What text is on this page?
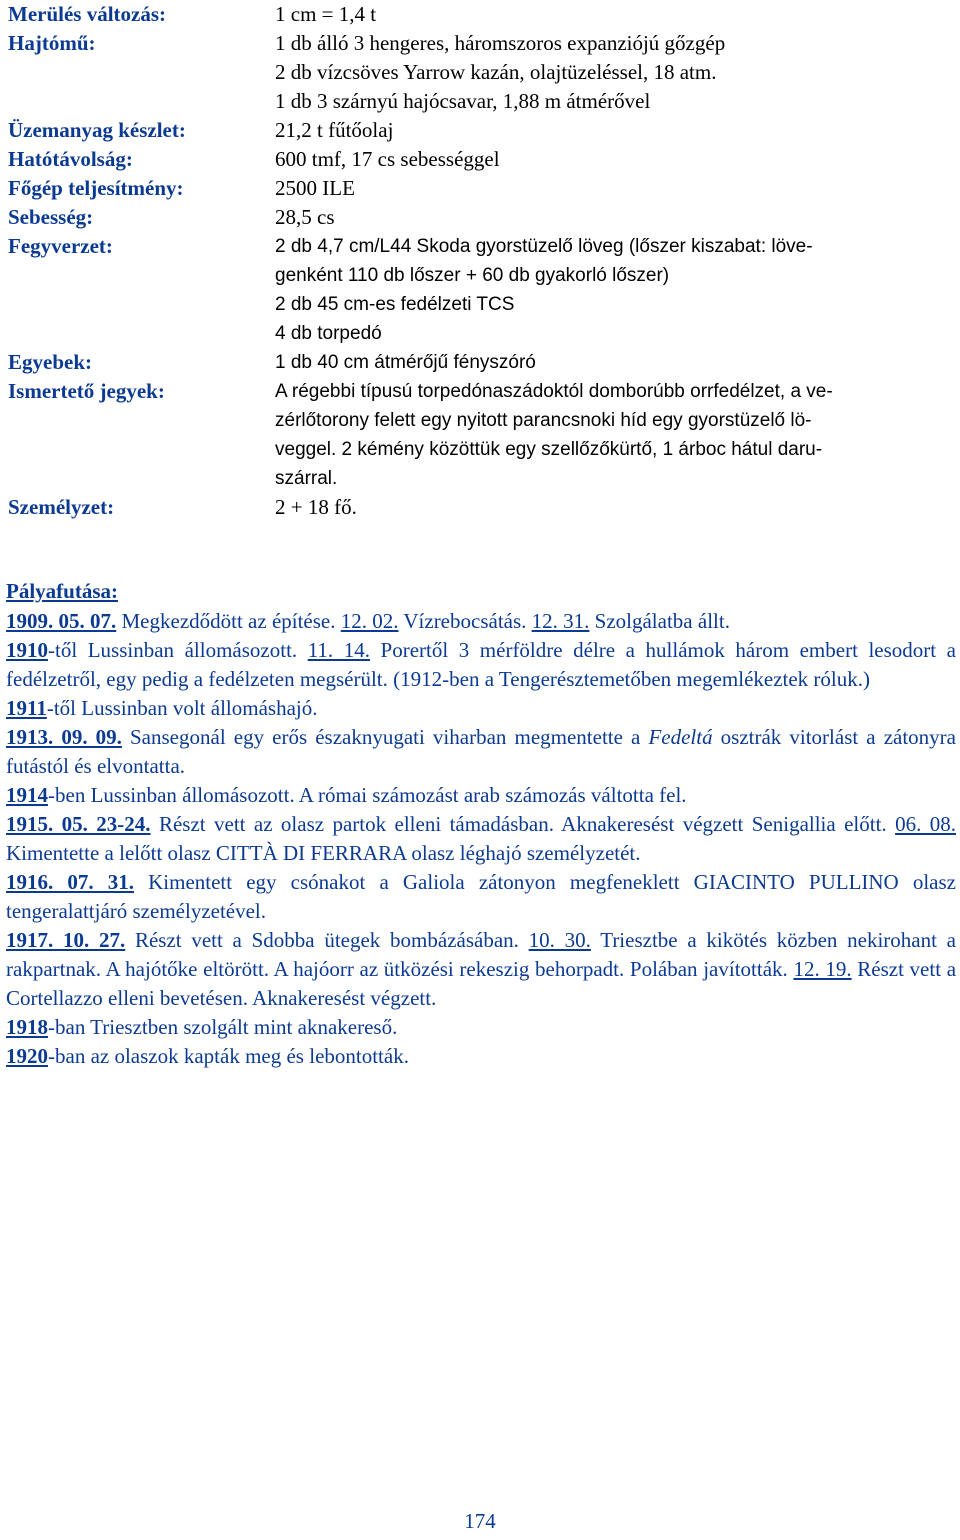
Merülés változás:	1 cm = 1,4 t
Hajtómű:	1 db álló 3 hengeres, háromszoros expanziójú gőzgép
2 db vízcsöves Yarrow kazán, olajtüzeléssel, 18 atm.
1 db 3 szárnyú hajócsavar, 1,88 m átmérővel
Üzemanyag készlet:	21,2 t fűtőolaj
Hatótávolság:	600 tmf, 17 cs sebességgel
Főgép teljesítmény:	2500 ILE
Sebesség:	28,5 cs
Fegyverzet:	2 db 4,7 cm/L44 Skoda gyorstüzelő löveg (lőszer kiszabat: löve-
genként 110 db lőszer + 60 db gyakorló lőszer)
2 db 45 cm-es fedélzeti TCS
4 db torpedó
Egyebek:	1 db 40 cm átmérőjű fényszóró
Ismertető jegyek:	A régebbi típusú torpedónaszádoktól domborúbb orrfedélzet, a ve-
zérlőtorony felett egy nyitott parancsnoki híd egy gyorstüzelő lö-
veggel. 2 kémény közöttük egy szellőzőkürtő, 1 árboc hátul daru-
szárral.
Személyzet:	2 + 18 fő.
Pályafutása:

1909. 05. 07. Megkezdődött az építése. 12. 02. Vízrebocsátás. 12. 31. Szolgálatba állt.

1910-től Lussinban állomásozott. 11. 14. Porertől 3 mérföldre délre a hullámok három embert lesodort a fedélzetről, egy pedig a fedélzeten megsérült. (1912-ben a Tengerésztemetőben megemlékeztek róluk.)

1911-től Lussinban volt állomáshajó.

1913. 09. 09. Sansegonál egy erős északnyugati viharban megmentette a Fedeltá osztrák vitorlást a zátonyra futástól és elvontatta.

1914-ben Lussinban állomásozott. A római számozást arab számozás váltotta fel.

1915. 05. 23-24. Részt vett az olasz partok elleni támadásban. Aknakeresést végzett Senigallia előtt. 06. 08. Kimentette a lelőtt olasz CITTÀ DI FERRARA olasz léghajó személyzetét.

1916. 07. 31. Kimentett egy csónakot a Galiola zátonyon megfeneklett GIACINTO PULLINO olasz tengeralattjáró személyzetével.

1917. 10. 27. Részt vett a Sdobba ütegek bombázásában. 10. 30. Triesztbe a kikötés közben nekirohant a rakpartnak. A hajótőke eltörött. A hajóorr az ütközési rekeszig behorpadt. Polában javították. 12. 19. Részt vett a Cortellazzo elleni bevetésen. Aknakeresést végzett.

1918-ban Triesztben szolgált mint aknakereső.

1920-ban az olaszok kapták meg és lebontották.

174
